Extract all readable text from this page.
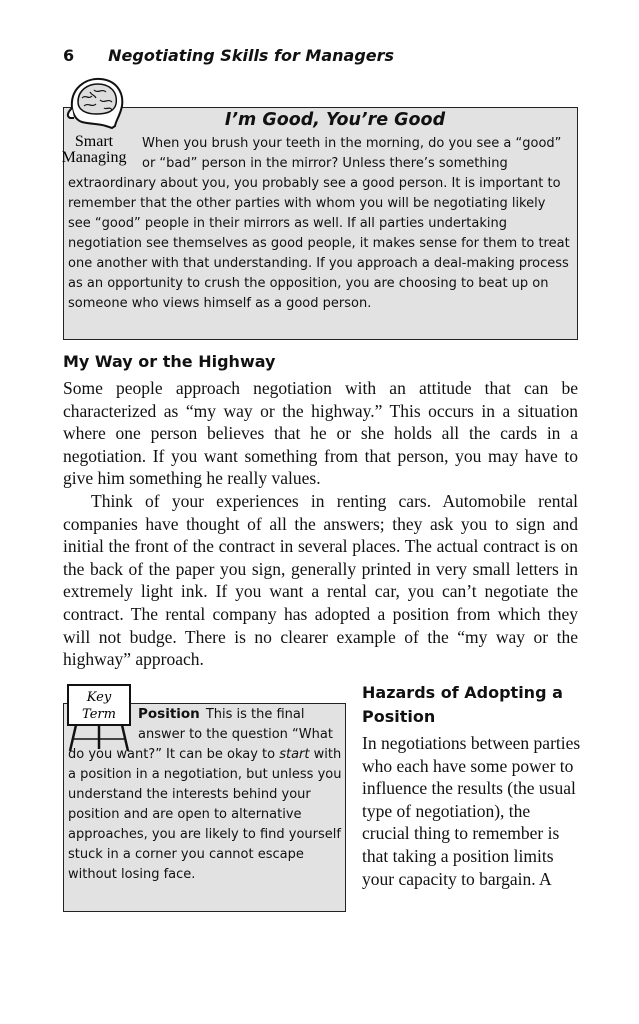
6 Negotiating Skills for Managers
Smart
Managing
I’m Good, You’re Good
When you brush your teeth in the morning, do you see a “good” or “bad” person in the mirror? Unless there’s something extraordinary about you, you probably see a good person. It is important to remember that the other parties with whom you will be negotiating likely see “good” people in their mirrors as well. If all parties undertaking negotiation see themselves as good people, it makes sense for them to treat one another with that understanding. If you approach a deal-making process as an opportunity to crush the opposition, you are choosing to beat up on someone who views himself as a good person.
My Way or the Highway

Some people approach negotiation with an attitude that can be characterized as “my way or the highway.” This occurs in a situation where one person believes that he or she holds all the cards in a negotiation. If you want something from that person, you may have to give him something he really values.

Think of your experiences in renting cars. Automobile rental companies have thought of all the answers; they ask you to sign and initial the front of the contract in several places. The actual contract is on the back of the paper you sign, generally printed in very small letters in extremely light ink. If you want a rental car, you can’t negotiate the contract. The rental company has adopted a position from which they will not budge. There is no clearer example of the “my way or the highway” approach.

Key
Term	Position This is the final answer to the question “What do you want?” It can be okay to start with a position in a negotiation, but unless you understand the interests behind your position and are open to alternative approaches, you are likely to find yourself stuck in a corner you cannot escape without losing face.
Hazards of Adopting a Position
In negotiations between parties who each have some power to influence the results (the usual type of negotiation), the crucial thing to remember is that taking a position limits your capacity to bargain. A
